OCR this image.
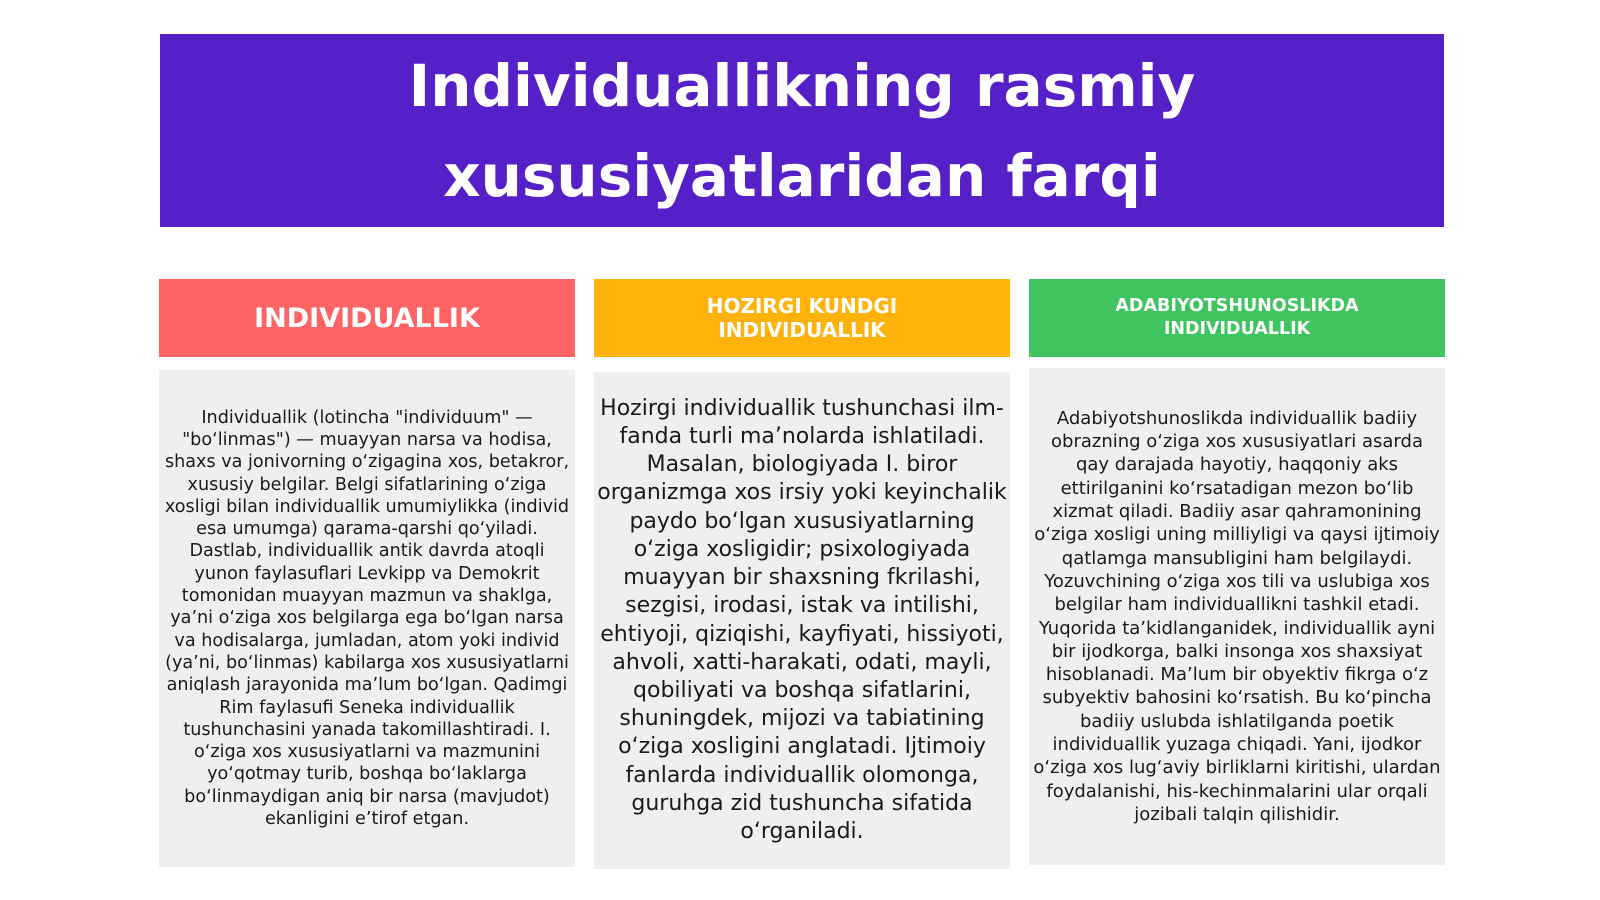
Individuallikning rasmiy
xususiyatlaridan farqi
INDIVIDUALLIK	HOZIRGI KUNDGI INDIVIDUALLIK
ADABIYOTSHUNOSLIKDA INDIVIDUALLIK

Individuallik (lotincha "individuum" — "bo‘linmas") — muayyan narsa va hodisa, shaxs va jonivorning o‘zigagina xos, betakror, xususiy belgilar. Belgi sifatlarining o‘ziga xosligi bilan individuallik umumiylikka (individ esa umumga) qarama-qarshi qo‘yiladi. Dastlab, individuallik antik davrda atoqli yunon faylasuflari Levkipp va Demokrit tomonidan muayyan mazmun va shaklga, ya’ni o‘ziga xos belgilarga ega bo‘lgan narsa va hodisalarga, jumladan, atom yoki individ (ya’ni, bo‘linmas) kabilarga xos xususiyatlarni aniqlash jarayonida ma’lum bo‘lgan. Qadimgi Rim faylasufi Seneka individuallik tushunchasini yanada takomillashtiradi. I. o‘ziga xos xususiyatlarni va mazmunini yo‘qotmay turib, boshqa bo‘laklarga bo‘linmaydigan aniq bir narsa (mavjudot) ekanligini e’tirof etgan.

Hozirgi individuallik tushunchasi ilm-fanda turli ma’nolarda ishlatiladi. Masalan, biologiyada I. biror organizmga xos irsiy yoki keyinchalik paydo bo‘lgan xususiyatlarning o‘ziga xosligidir; psixologiyada muayyan bir shaxsning fkrilashi, sezgisi, irodasi, istak va intilishi, ehtiyoji, qiziqishi, kayfiyati, hissiyoti, ahvoli, xatti-harakati, odati, mayli, qobiliyati va boshqa sifatlarini, shuningdek, mijozi va tabiatining o‘ziga xosligini anglatadi. Ijtimoiy fanlarda individuallik olomonga, guruhga zid tushuncha sifatida o‘rganiladi.

Adabiyotshunoslikda individuallik badiiy obrazning o‘ziga xos xususiyatlari asarda qay darajada hayotiy, haqqoniy aks ettirilganini ko‘rsatadigan mezon bo‘lib xizmat qiladi. Badiiy asar qahramonining o‘ziga xosligi uning milliyligi va qaysi ijtimoiy qatlamga mansubligini ham belgilaydi. Yozuvchining o‘ziga xos tili va uslubiga xos belgilar ham individuallikni tashkil etadi.
Yuqorida ta’kidlanganidek, individuallik ayni bir ijodkorga, balki insonga xos shaxsiyat hisoblanadi. Ma’lum bir obyektiv fikrga o‘z subyektiv bahosini ko‘rsatish. Bu ko‘pincha badiiy uslubda ishlatilganda poetik individuallik yuzaga chiqadi. Yani, ijodkor o‘ziga xos lug‘aviy birliklarni kiritishi, ulardan foydalanishi, his-kechinmalarini ular orqali jozibali talqin qilishidir.
